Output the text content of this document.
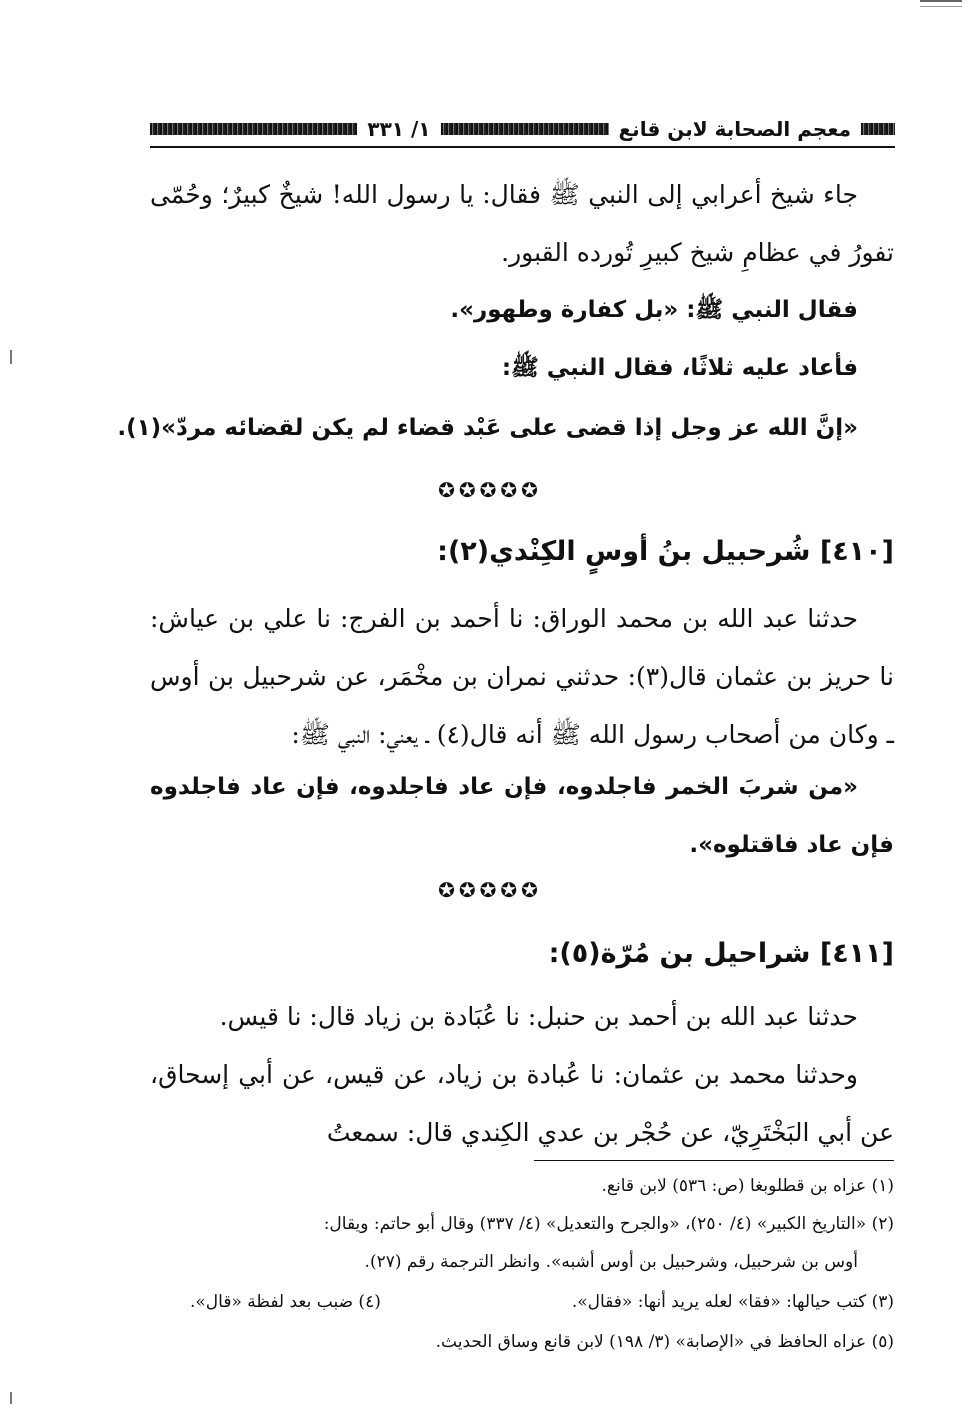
معجم الصحابة لابن قانع
١/ ٣٣١
جاء شيخ أعرابي إلى النبي ﷺ فقال: يا رسول الله! شيخٌ كبيرٌ؛ وحُمّى تفورُ في عظامِ شيخ كبيرِ تُورده القبور.
فقال النبي ﷺ: «بل كفارة وطهور».
فأعاد عليه ثلاثًا، فقال النبي ﷺ:
«إنَّ الله عز وجل إذا قضى على عَبْد قضاء لم يكن لقضائه مردّ»(١).
✪✪✪✪✪
[٤١٠] شُرحبيل بنُ أوسٍ الكِنْدي(٢):
حدثنا عبد الله بن محمد الوراق: نا أحمد بن الفرج: نا علي بن عياش: نا حريز بن عثمان قال(٣): حدثني نمران بن مخْمَر، عن شرحبيل بن أوس ـ وكان من أصحاب رسول الله ﷺ أنه قال(٤) ـ يعني: النبي ﷺ:
«من شربَ الخمر فاجلدوه، فإن عاد فاجلدوه، فإن عاد فاجلدوه فإن عاد فاقتلوه».
✪✪✪✪✪
[٤١١] شراحيل بن مُرّة(٥):
حدثنا عبد الله بن أحمد بن حنبل: نا عُبَادة بن زياد قال: نا قيس.
وحدثنا محمد بن عثمان: نا عُبادة بن زياد، عن قيس، عن أبي إسحاق، عن أبي البَخْتَرِيّ، عن حُجْر بن عدي الكِندي قال: سمعتُ
(١) عزاه بن قطلوبغا (ص: ٥٣٦) لابن قانع.
(٢) «التاريخ الكبير» (٤/ ٢٥٠)، «والجرح والتعديل» (٤/ ٣٣٧) وقال أبو حاتم: ويقال:
أوس بن شرحبيل، وشرحبيل بن أوس أشبه». وانظر الترجمة رقم (٢٧).
(٣) كتب حيالها: «فقا» لعله يريد أنها: «فقال».
(٤) ضبب بعد لفظة «قال».
(٥) عزاه الحافظ في «الإصابة» (٣/ ١٩٨) لابن قانع وساق الحديث.
